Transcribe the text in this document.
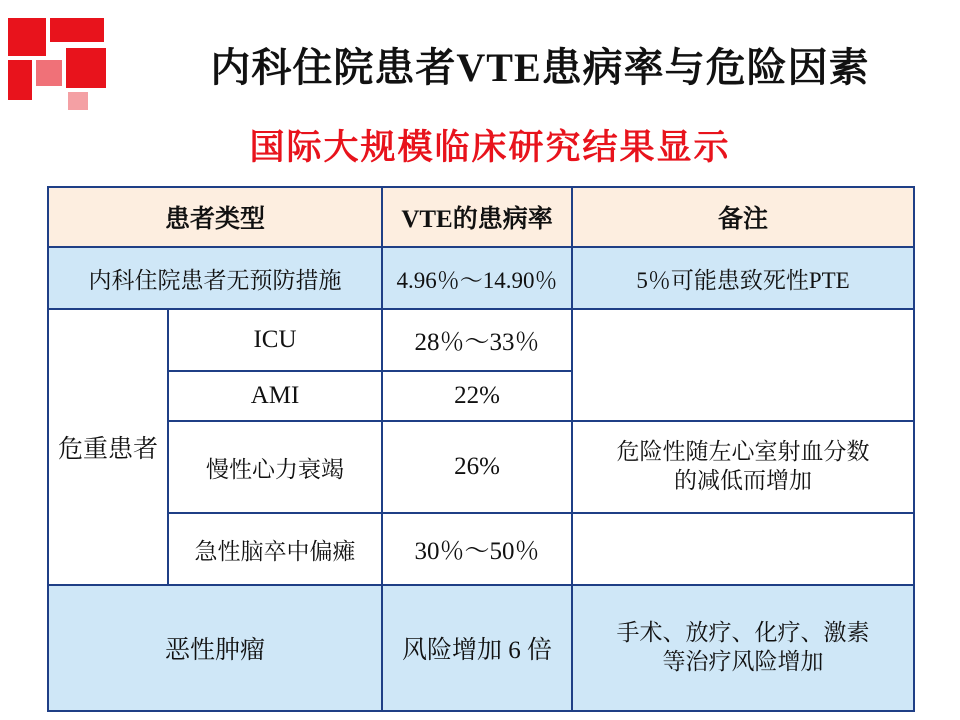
内科住院患者VTE患病率与危险因素
国际大规模临床研究结果显示
患者类型		VTE的患病率	备注
内科住院患者无预防措施		4.96％～14.90％	5％可能患致死性PTE
危重患者	ICU	28％～33％	
	AMI	22%	
	慢性心力衰竭	26%	危险性随左心室射血分数
的减低而增加

	急性脑卒中偏瘫	30％～50％	
恶性肿瘤		风险增加 6 倍	手术、放疗、化疗、激素
等治疗风险增加
